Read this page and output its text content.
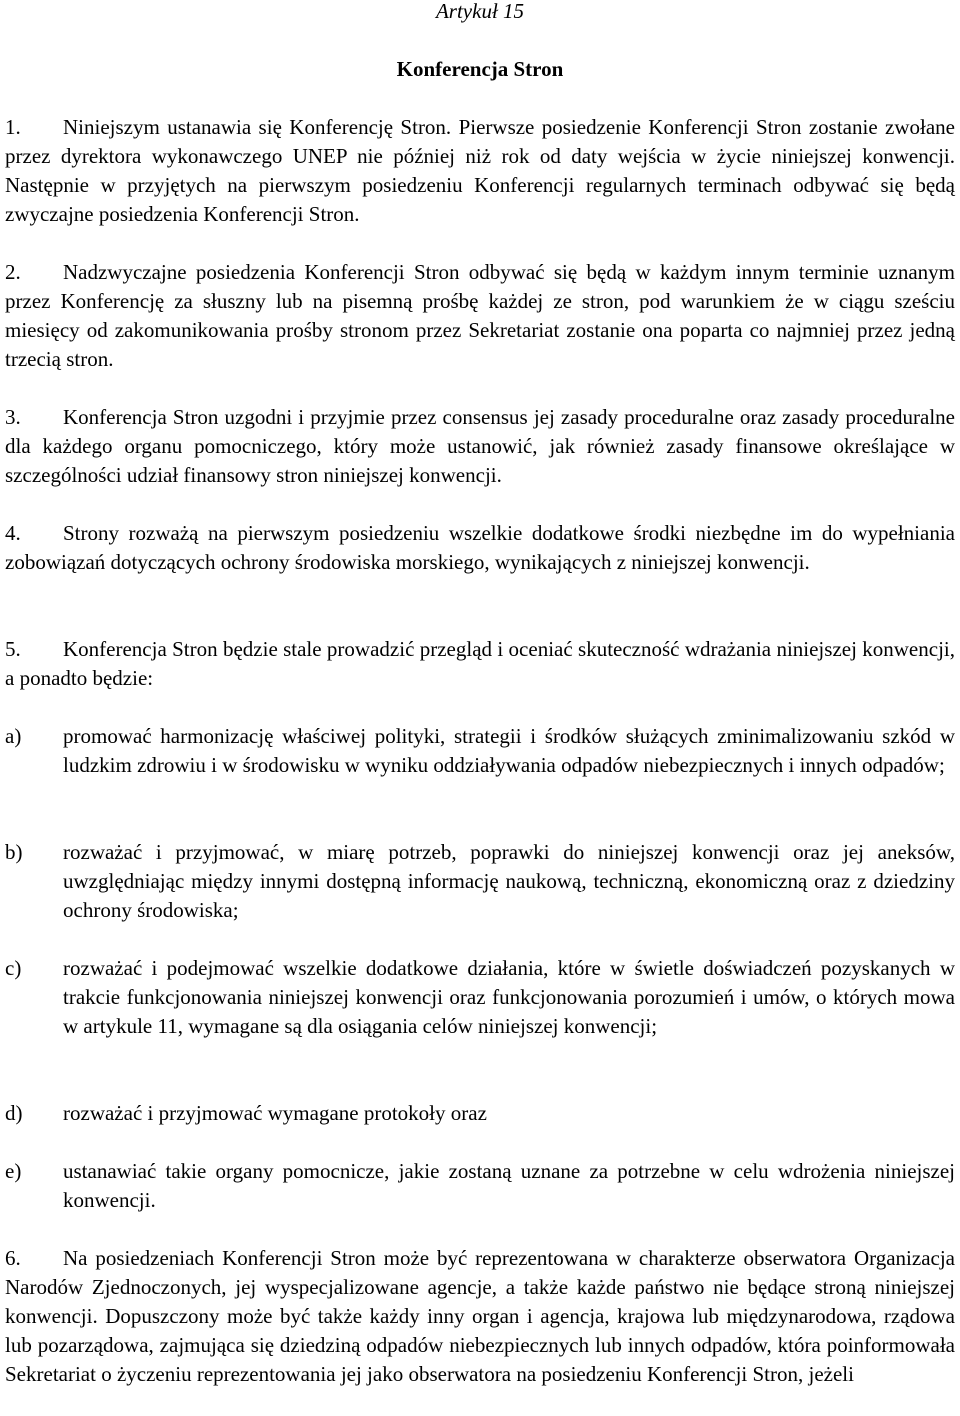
Artykuł 15

Konferencja Stron

1. Niniejszym ustanawia się Konferencję Stron. Pierwsze posiedzenie Konferencji Stron zostanie zwołane przez dyrektora wykonawczego UNEP nie później niż rok od daty wejścia w życie niniejszej konwencji. Następnie w przyjętych na pierwszym posiedzeniu Konferencji regularnych terminach odbywać się będą zwyczajne posiedzenia Konferencji Stron.

2. Nadzwyczajne posiedzenia Konferencji Stron odbywać się będą w każdym innym terminie uznanym przez Konferencję za słuszny lub na pisemną prośbę każdej ze stron, pod warunkiem że w ciągu sześciu miesięcy od zakomunikowania prośby stronom przez Sekretariat zostanie ona poparta co najmniej przez jedną trzecią stron.

3. Konferencja Stron uzgodni i przyjmie przez consensus jej zasady proceduralne oraz zasady proceduralne dla każdego organu pomocniczego, który może ustanowić, jak również zasady finansowe określające w szczególności udział finansowy stron niniejszej konwencji.

4. Strony rozważą na pierwszym posiedzeniu wszelkie dodatkowe środki niezbędne im do wypełniania zobowiązań dotyczących ochrony środowiska morskiego, wynikających z niniejszej konwencji.

5. Konferencja Stron będzie stale prowadzić przegląd i oceniać skuteczność wdrażania niniejszej konwencji, a ponadto będzie:

a) promować harmonizację właściwej polityki, strategii i środków służących zminimalizowaniu szkód w ludzkim zdrowiu i w środowisku w wyniku oddziaływania odpadów niebezpiecznych i innych odpadów;
b) rozważać i przyjmować, w miarę potrzeb, poprawki do niniejszej konwencji oraz jej aneksów, uwzględniając między innymi dostępną informację naukową, techniczną, ekonomiczną oraz z dziedziny ochrony środowiska;
c) rozważać i podejmować wszelkie dodatkowe działania, które w świetle doświadczeń pozyskanych w trakcie funkcjonowania niniejszej konwencji oraz funkcjonowania porozumień i umów, o których mowa w artykule 11, wymagane są dla osiągania celów niniejszej konwencji;
d) rozważać i przyjmować wymagane protokoły oraz
e) ustanawiać takie organy pomocnicze, jakie zostaną uznane za potrzebne w celu wdrożenia niniejszej konwencji.

6. Na posiedzeniach Konferencji Stron może być reprezentowana w charakterze obserwatora Organizacja Narodów Zjednoczonych, jej wyspecjalizowane agencje, a także każde państwo nie będące stroną niniejszej konwencji. Dopuszczony może być także każdy inny organ i agencja, krajowa lub międzynarodowa, rządowa lub pozarządowa, zajmująca się dziedziną odpadów niebezpiecznych lub innych odpadów, która poinformowała Sekretariat o życzeniu reprezentowania jej jako obserwatora na posiedzeniu Konferencji Stron, jeżeli
